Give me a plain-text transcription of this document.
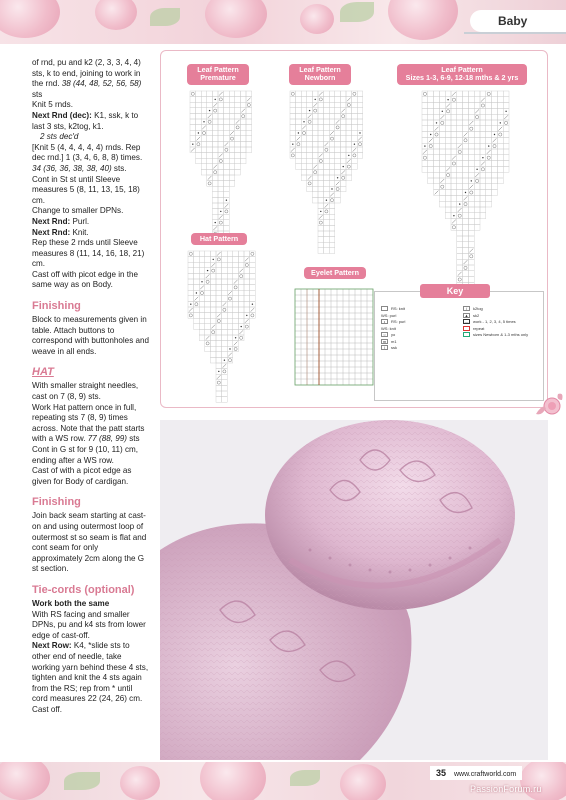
Baby

of rnd, pu and k2 (2, 3, 3, 4, 4) sts, k to end, joining to work in the rnd. 38 (44, 48, 52, 56, 58) sts

Knit 5 rnds.

Next Rnd (dec): K1, ssk, k to last 3 sts, k2tog, k1.

2 sts dec'd

[Knit 5 (4, 4, 4, 4, 4) rnds. Rep dec rnd.] 1 (3, 4, 6, 8, 8) times. 34 (36, 36, 38, 38, 40) sts.

Cont in St st until Sleeve measures 5 (8, 11, 13, 15, 18) cm.

Change to smaller DPNs.

Next Rnd: Purl.

Next Rnd: Knit.

Rep these 2 rnds until Sleeve measures 8 (11, 14, 16, 18, 21) cm.

Cast off with picot edge in the same way as on Body.

Finishing

Block to measurements given in table. Attach buttons to correspond with buttonholes and weave in all ends.

HAT

With smaller straight needles, cast on 7 (8, 9) sts.

Work Hat pattern once in full, repeating sts 7 (8, 9) times across. Note that the patt starts with a WS row. 77 (88, 99) sts

Cont in G st for 9 (10, 11) cm, ending after a WS row.

Cast of with a picot edge as given for Body of cardigan.

Finishing

Join back seam starting at cast-on and using outermost loop of outermost st so seam is flat and cont seam for only approximately 2cm along the G st section.

Tie-cords (optional)

Work both the same

With RS facing and smaller DPNs, pu and k4 sts from lower edge of cast-off.

Next Row: K4, *slide sts to other end of needle, take working yarn behind these 4 sts, tighten and knit the 4 sts again from the RS; rep from * until cord measures 22 (24, 26) cm.

Cast off.

Leaf Pattern
Premature
Leaf Pattern
Newborn
Leaf Pattern
Sizes 1-3, 6-9, 12-18 mths & 2 yrs
Hat Pattern
Eyelet Pattern
Key
RS: knit
WS: purl
• RS: purl
WS: knit
○ yo
m m1
\ ssk
/ k2tog
▲ sk2
— work - 1, 2, 3, 4, 5 times
repeat
sizes Newborn & 1-3 mths only
35 www.craftworld.com
PassionForum.ru
